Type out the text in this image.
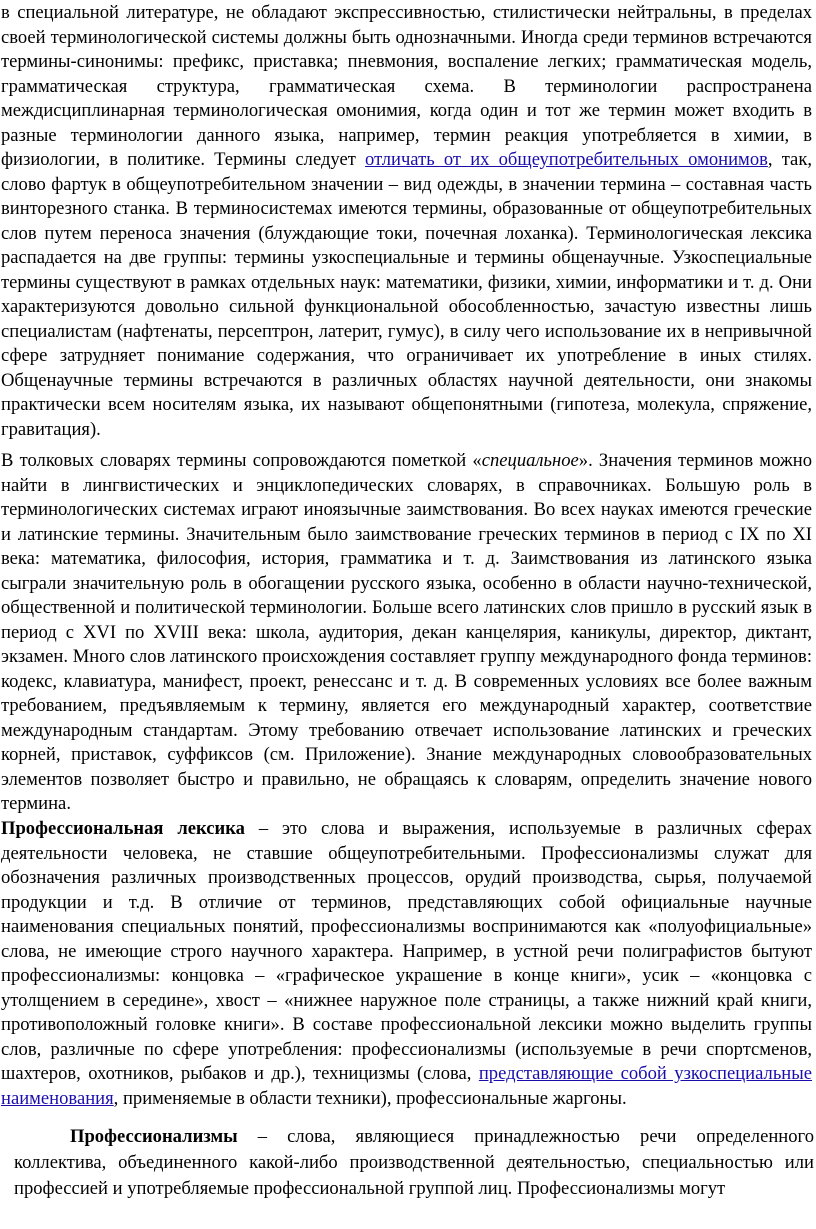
в специальной литературе, не обладают экспрессивностью, стилистически нейтральны, в пределах своей терминологической системы должны быть однозначными. Иногда среди терминов встречаются термины-синонимы: префикс, приставка; пневмония, воспаление легких; грамматическая модель, грамматическая структура, грамматическая схема. В терминологии распространена междисциплинарная терминологическая омонимия, когда один и тот же термин может входить в разные терминологии данного языка, например, термин реакция употребляется в химии, в физиологии, в политике. Термины следует отличать от их общеупотребительных омонимов, так, слово фартук в общеупотребительном значении – вид одежды, в значении термина – составная часть винторезного станка. В терминосистемах имеются термины, образованные от общеупотребительных слов путем переноса значения (блуждающие токи, почечная лоханка). Терминологическая лексика распадается на две группы: термины узкоспециальные и термины общенаучные. Узкоспециальные термины существуют в рамках отдельных наук: математики, физики, химии, информатики и т. д. Они характеризуются довольно сильной функциональной обособленностью, зачастую известны лишь специалистам (нафтенаты, персептрон, латерит, гумус), в силу чего использование их в непривычной сфере затрудняет понимание содержания, что ограничивает их употребление в иных стилях. Общенаучные термины встречаются в различных областях научной деятельности, они знакомы практически всем носителям языка, их называют общепонятными (гипотеза, молекула, спряжение, гравитация).

В толковых словарях термины сопровождаются пометкой «специальное». Значения терминов можно найти в лингвистических и энциклопедических словарях, в справочниках. Большую роль в терминологических системах играют иноязычные заимствования. Во всех науках имеются греческие и латинские термины. Значительным было заимствование греческих терминов в период с IX по XI века: математика, философия, история, грамматика и т. д. Заимствования из латинского языка сыграли значительную роль в обогащении русского языка, особенно в области научно-технической, общественной и политической терминологии. Больше всего латинских слов пришло в русский язык в период с XVI по XVIII века: школа, аудитория, декан канцелярия, каникулы, директор, диктант, экзамен. Много слов латинского происхождения составляет группу международного фонда терминов: кодекс, клавиатура, манифест, проект, ренессанс и т. д. В современных условиях все более важным требованием, предъявляемым к термину, является его международный характер, соответствие международным стандартам. Этому требованию отвечает использование латинских и греческих корней, приставок, суффиксов (см. Приложение). Знание международных словообразовательных элементов позволяет быстро и правильно, не обращаясь к словарям, определить значение нового термина.

Профессиональная лексика – это слова и выражения, используемые в различных сферах деятельности человека, не ставшие общеупотребительными. Профессионализмы служат для обозначения различных производственных процессов, орудий производства, сырья, получаемой продукции и т.д. В отличие от терминов, представляющих собой официальные научные наименования специальных понятий, профессионализмы воспринимаются как «полуофициальные» слова, не имеющие строго научного характера. Например, в устной речи полиграфистов бытуют профессионализмы: концовка – «графическое украшение в конце книги», усик – «концовка с утолщением в середине», хвост – «нижнее наружное поле страницы, а также нижний край книги, противоположный головке книги». В составе профессиональной лексики можно выделить группы слов, различные по сфере употребления: профессионализмы (используемые в речи спортсменов, шахтеров, охотников, рыбаков и др.), техницизмы (слова, представляющие собой узкоспециальные наименования, применяемые в области техники), профессиональные жаргоны.

Профессионализмы – слова, являющиеся принадлежностью речи определенного коллектива, объединенного какой-либо производственной деятельностью, специальностью или профессией и употребляемые профессиональной группой лиц. Профессионализмы могут
